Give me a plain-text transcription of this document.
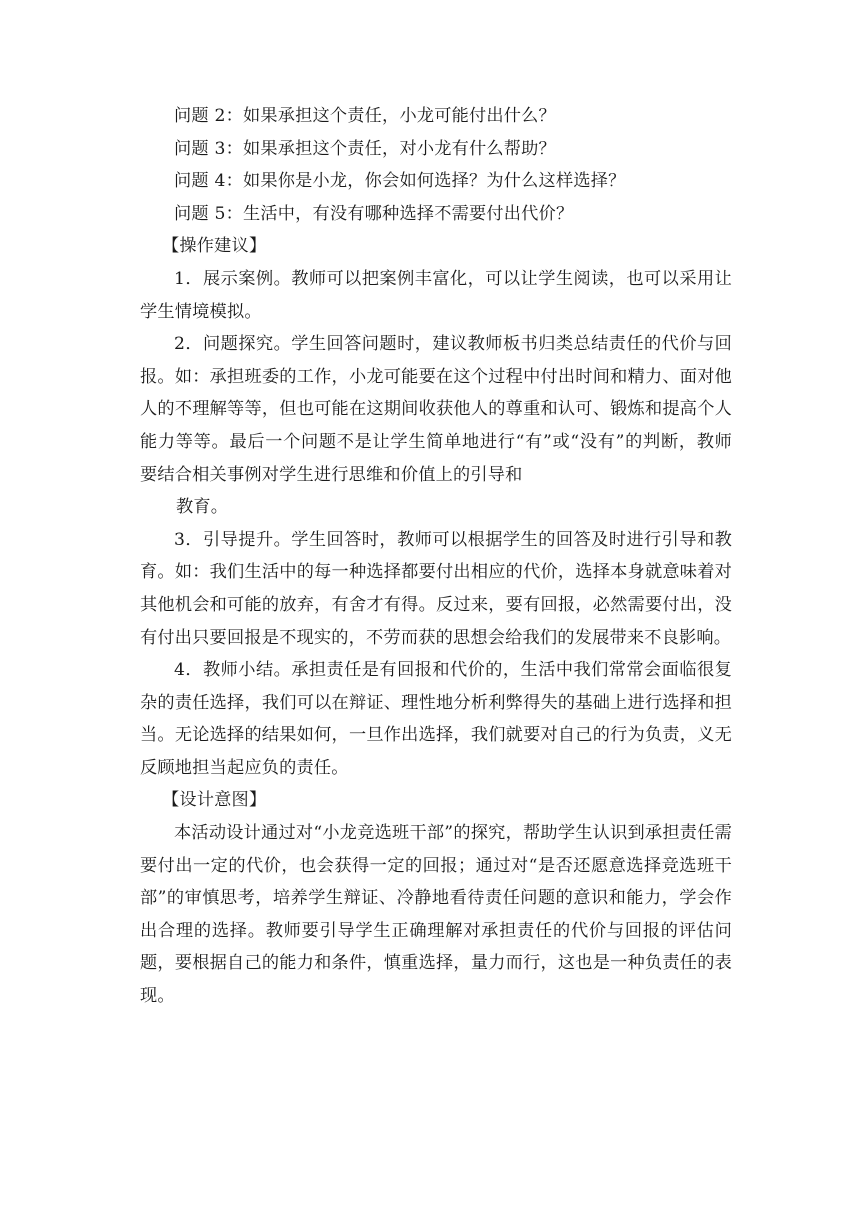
问题 2：如果承担这个责任，小龙可能付出什么？

问题 3：如果承担这个责任，对小龙有什么帮助？

问题 4：如果你是小龙，你会如何选择？为什么这样选择？

问题 5：生活中，有没有哪种选择不需要付出代价？

【操作建议】

1．展示案例。教师可以把案例丰富化，可以让学生阅读，也可以采用让学生情境模拟。

2．问题探究。学生回答问题时，建议教师板书归类总结责任的代价与回报。如：承担班委的工作，小龙可能要在这个过程中付出时间和精力、面对他人的不理解等等，但也可能在这期间收获他人的尊重和认可、锻炼和提高个人能力等等。最后一个问题不是让学生简单地进行“有”或“没有”的判断，教师要结合相关事例对学生进行思维和价值上的引导和

教育。

3．引导提升。学生回答时，教师可以根据学生的回答及时进行引导和教育。如：我们生活中的每一种选择都要付出相应的代价，选择本身就意味着对其他机会和可能的放弃，有舍才有得。反过来，要有回报，必然需要付出，没有付出只要回报是不现实的，不劳而获的思想会给我们的发展带来不良影响。

4．教师小结。承担责任是有回报和代价的，生活中我们常常会面临很复杂的责任选择，我们可以在辩证、理性地分析利弊得失的基础上进行选择和担当。无论选择的结果如何，一旦作出选择，我们就要对自己的行为负责，义无反顾地担当起应负的责任。

【设计意图】

本活动设计通过对“小龙竞选班干部”的探究，帮助学生认识到承担责任需要付出一定的代价，也会获得一定的回报；通过对“是否还愿意选择竞选班干部”的审慎思考，培养学生辩证、冷静地看待责任问题的意识和能力，学会作出合理的选择。教师要引导学生正确理解对承担责任的代价与回报的评估问题，要根据自己的能力和条件，慎重选择，量力而行，这也是一种负责任的表现。
